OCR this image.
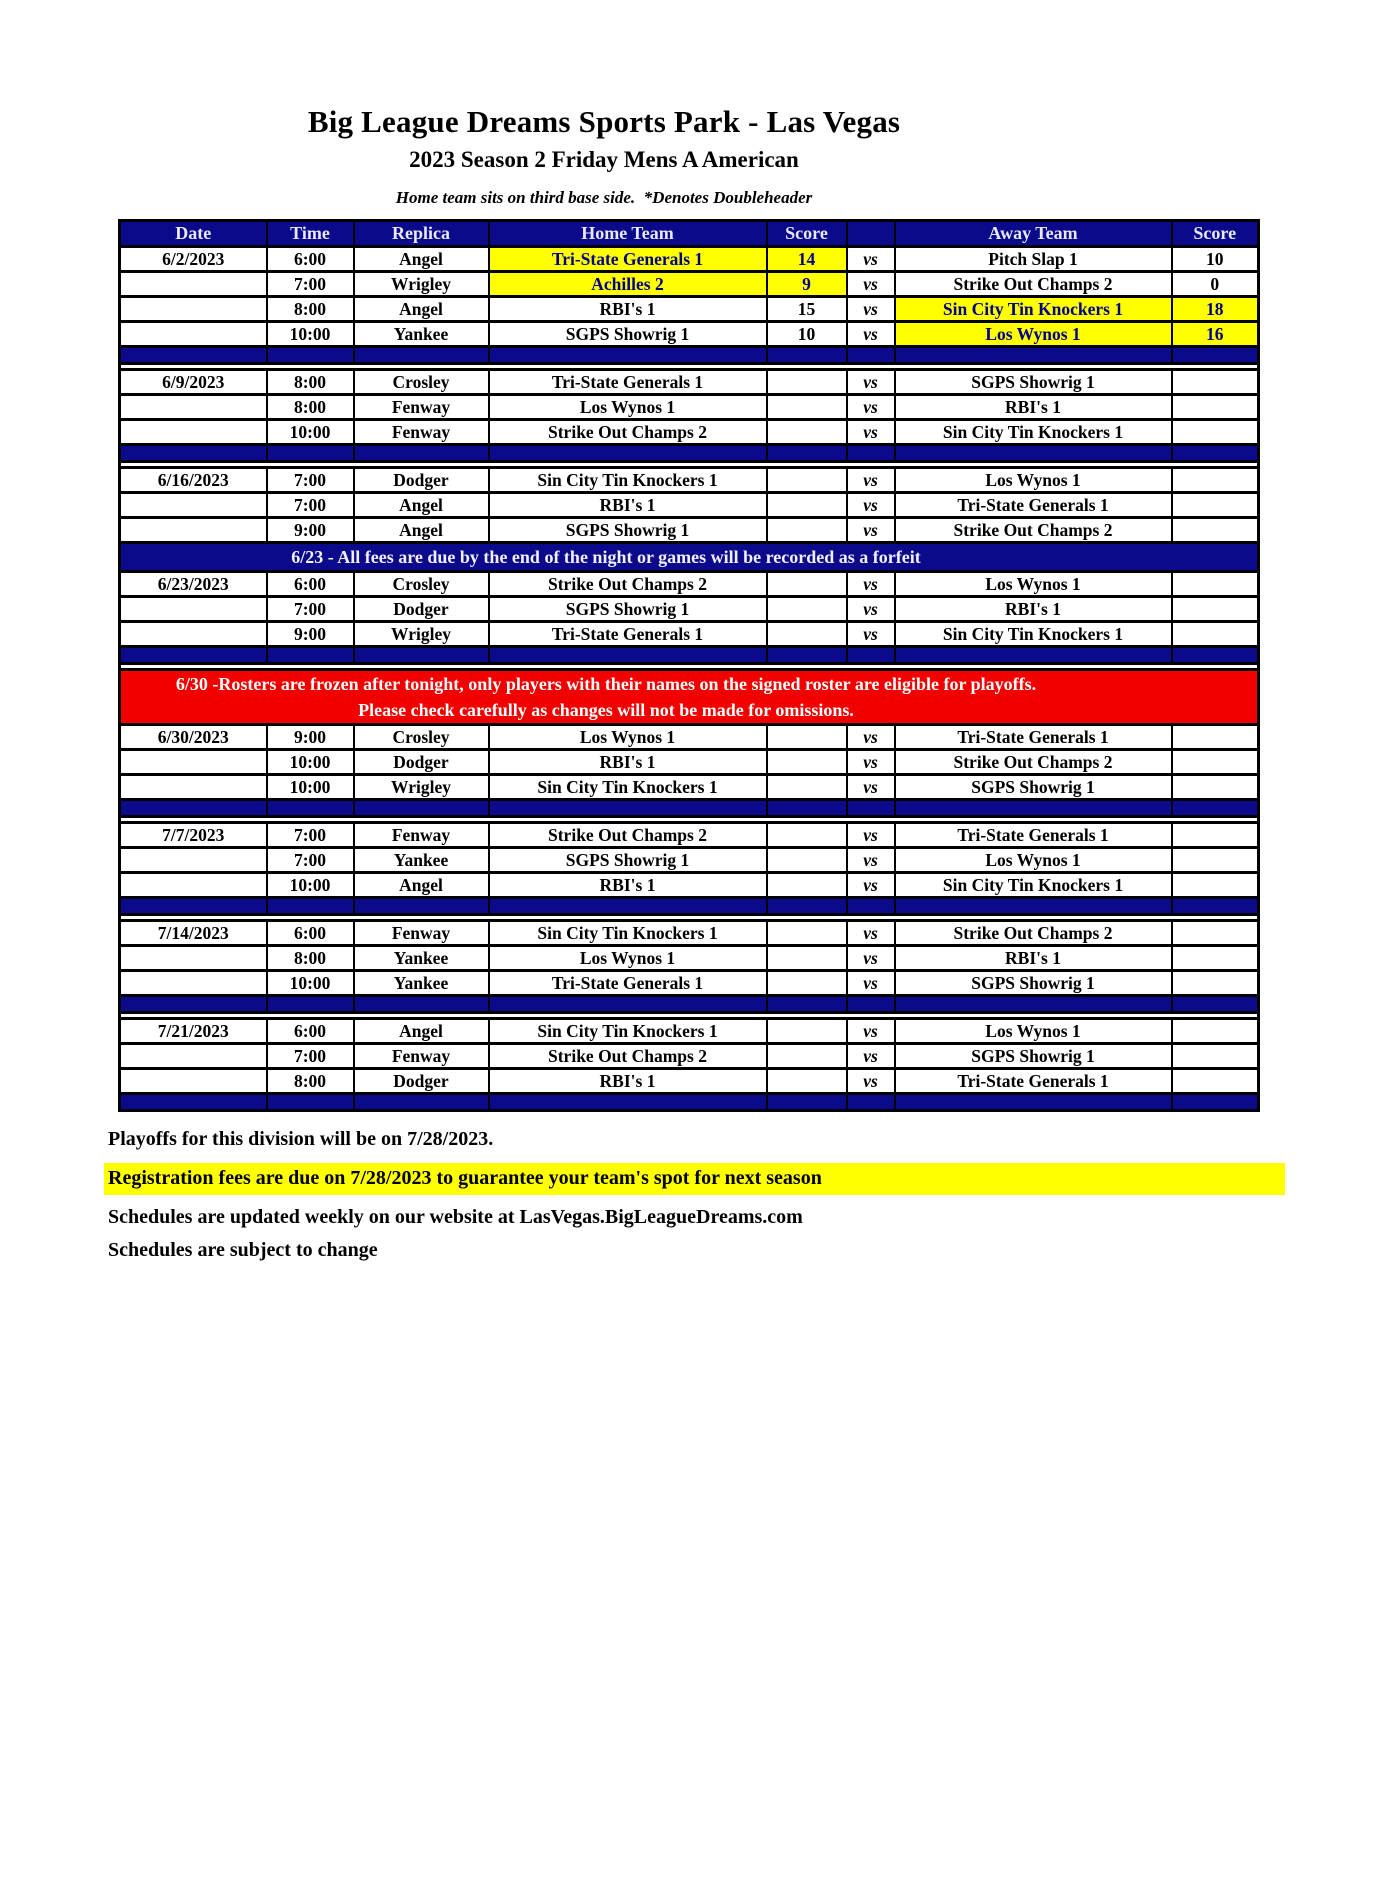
Big League Dreams Sports Park - Las Vegas
2023 Season 2 Friday Mens A American
Home team sits on third base side.  *Denotes Doubleheader
Date	Time	Replica	Home Team	Score		Away Team	Score
6/2/2023	6:00	Angel	Tri-State Generals 1	14	vs	Pitch Slap 1	10
	7:00	Wrigley	Achilles 2	9	vs	Strike Out Champs 2	0
	8:00	Angel	RBI's 1	15	vs	Sin City Tin Knockers 1	18
	10:00	Yankee	SGPS Showrig 1	10	vs	Los Wynos 1	16

6/9/2023	8:00	Crosley	Tri-State Generals 1		vs	SGPS Showrig 1	
	8:00	Fenway	Los Wynos 1		vs	RBI's 1	
	10:00	Fenway	Strike Out Champs 2		vs	Sin City Tin Knockers 1	

6/16/2023	7:00	Dodger	Sin City Tin Knockers 1		vs	Los Wynos 1	
	7:00	Angel	RBI's 1		vs	Tri-State Generals 1	
	9:00	Angel	SGPS Showrig 1		vs	Strike Out Champs 2	

6/23 - All fees are due by the end of the night or games will be recorded as a forfeit							

6/23/2023	6:00	Crosley	Strike Out Champs 2		vs	Los Wynos 1	
	7:00	Dodger	SGPS Showrig 1		vs	RBI's 1	
	9:00	Wrigley	Tri-State Generals 1		vs	Sin City Tin Knockers 1	

6/30 -Rosters are frozen after tonight, only players with their names on the signed roster are eligible for playoffs.
Please check carefully as changes will not be made for omissions.							

6/30/2023	9:00	Crosley	Los Wynos 1		vs	Tri-State Generals 1	
	10:00	Dodger	RBI's 1		vs	Strike Out Champs 2	
	10:00	Wrigley	Sin City Tin Knockers 1		vs	SGPS Showrig 1	

7/7/2023	7:00	Fenway	Strike Out Champs 2		vs	Tri-State Generals 1	
	7:00	Yankee	SGPS Showrig 1		vs	Los Wynos 1	
	10:00	Angel	RBI's 1		vs	Sin City Tin Knockers 1	

7/14/2023	6:00	Fenway	Sin City Tin Knockers 1		vs	Strike Out Champs 2	
	8:00	Yankee	Los Wynos 1		vs	RBI's 1	
	10:00	Yankee	Tri-State Generals 1		vs	SGPS Showrig 1	

7/21/2023	6:00	Angel	Sin City Tin Knockers 1		vs	Los Wynos 1	
	7:00	Fenway	Strike Out Champs 2		vs	SGPS Showrig 1	
	8:00	Dodger	RBI's 1		vs	Tri-State Generals 1	

Playoffs for this division will be on 7/28/2023.
Registration fees are due on 7/28/2023 to guarantee your team's spot for next season
Schedules are updated weekly on our website at LasVegas.BigLeagueDreams.com
Schedules are subject to change
